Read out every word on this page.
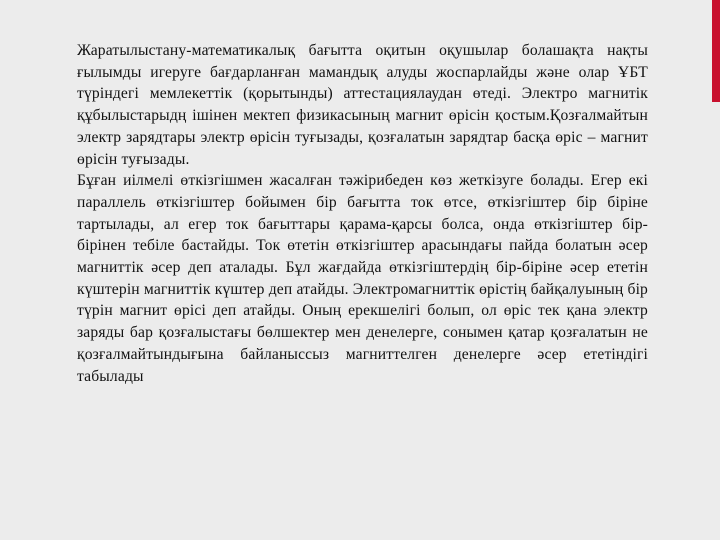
Жаратылыстану-математикалық бағытта оқитын оқушылар болашақта нақты ғылымды игеруге бағдарланған мамандық алуды жоспарлайды және олар ҰБТ түріндегі мемлекеттік (қорытынды) аттестациялаудан өтеді. Электро магнитік құбылыстарыдң ішінен мектеп физикасының магнит өрісін қостым.Қозғалмайтын электр зарядтары электр өрісін туғызады, қозғалатын зарядтар басқа өріс – магнит өрісін туғызады.

Бұған иілмелі өткізгішмен жасалған тәжірибеден көз жеткізуге болады. Егер екі параллель өткізгіштер бойымен бір бағытта ток өтсе, өткізгіштер бір біріне тартылады, ал егер ток бағыттары қарама-қарсы болса, онда өткізгіштер бір-бірінен тебіле бастайды. Ток өтетін өткізгіштер арасындағы пайда болатын әсер магниттік әсер деп аталады. Бұл жағдайда өткізгіштердің бір-біріне әсер ететін күштерін магниттік күштер деп атайды. Электромагниттік өрістің байқалуының бір түрін магнит өрісі деп атайды. Оның ерекшелігі болып, ол өріс тек қана электр заряды бар қозғалыстағы бөлшектер мен денелерге, сонымен қатар қозғалатын не қозғалмайтындығына байланыссыз магниттелген денелерге әсер ететіндігі табылады
